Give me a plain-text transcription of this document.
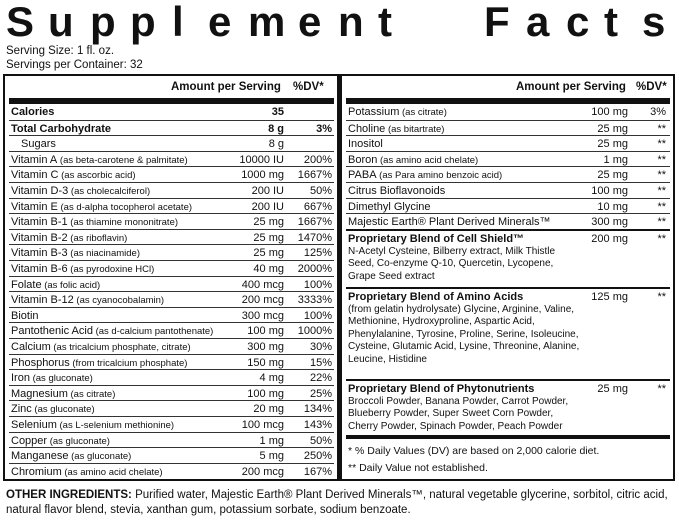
S u p p l e m e n t F a c t s
Serving Size: 1 fl. oz.
Servings per Container: 32
Amount per Serving %DV*
Calories	35
Total Carbohydrate	8 g	3%
Sugars	8 g
Vitamin A (as beta-carotene & palmitate)	10000 IU 200%
Vitamin C (as ascorbic acid)	1000 mg 1667%
Vitamin D-3 (as cholecalciferol)	200 IU 50%
Vitamin E (as d-alpha tocopherol acetate)	200 IU 667%
Vitamin B-1 (as thiamine mononitrate)	25 mg 1667%
Vitamin B-2 (as riboflavin)	25 mg 1470%
Vitamin B-3 (as niacinamide)	25 mg 125%
Vitamin B-6 (as pyrodoxine HCl)	40 mg 2000%
Folate (as folic acid)	400 mcg 100%
Vitamin B-12 (as cyanocobalamin)	200 mcg 3333%
Biotin	300 mcg 100%
Pantothenic Acid (as d-calcium pantothenate)	100 mg 1000%
Calcium (as tricalcium phosphate, citrate)	300 mg 30%
Phosphorus (from tricalcium phosphate)	150 mg 15%
Iron (as gluconate)	4 mg 22%
Magnesium (as citrate)	100 mg 25%
Zinc (as gluconate)	20 mg 134%
Selenium (as L-selenium methionine)	100 mcg 143%
Copper (as gluconate)	1 mg 50%
Manganese (as gluconate)	5 mg 250%
Chromium (as amino acid chelate)	200 mcg 167%
Amount per Serving %DV*
Potassium (as citrate)	100 mg 3%
Choline (as bitartrate)	25 mg	**
Inositol	25 mg	**
Boron (as amino acid chelate)	1 mg	**
PABA (as Para amino benzoic acid)	25 mg	**
Citrus Bioflavonoids	100 mg	**
Dimethyl Glycine	10 mg	**
Majestic Earth® Plant Derived Minerals™	300 mg	**
Proprietary Blend of Cell Shield™	200 mg	**
N-Acetyl Cysteine, Bilberry extract, Milk Thistle Seed, Co-enzyme Q-10, Quercetin, Lycopene, Grape Seed extract
Proprietary Blend of Amino Acids	125 mg	**
(from gelatin hydrolysate) Glycine, Arginine, Valine, Methionine, Hydroxyproline, Aspartic Acid, Phenylalanine, Tyrosine, Proline, Serine, Isoleucine, Cysteine, Glutamic Acid, Lysine, Threonine, Alanine, Leucine, Histidine
Proprietary Blend of Phytonutrients	25 mg	**
Broccoli Powder, Banana Powder, Carrot Powder, Blueberry Powder, Super Sweet Corn Powder, Cherry Powder, Spinach Powder, Peach Powder
* % Daily Values (DV) are based on 2,000 calorie diet.
** Daily Value not established.
OTHER INGREDIENTS: Purified water, Majestic Earth® Plant Derived Minerals™, natural vegetable glycerine, sorbitol, citric acid, natural flavor blend, stevia, xanthan gum, potassium sorbate, sodium benzoate.
